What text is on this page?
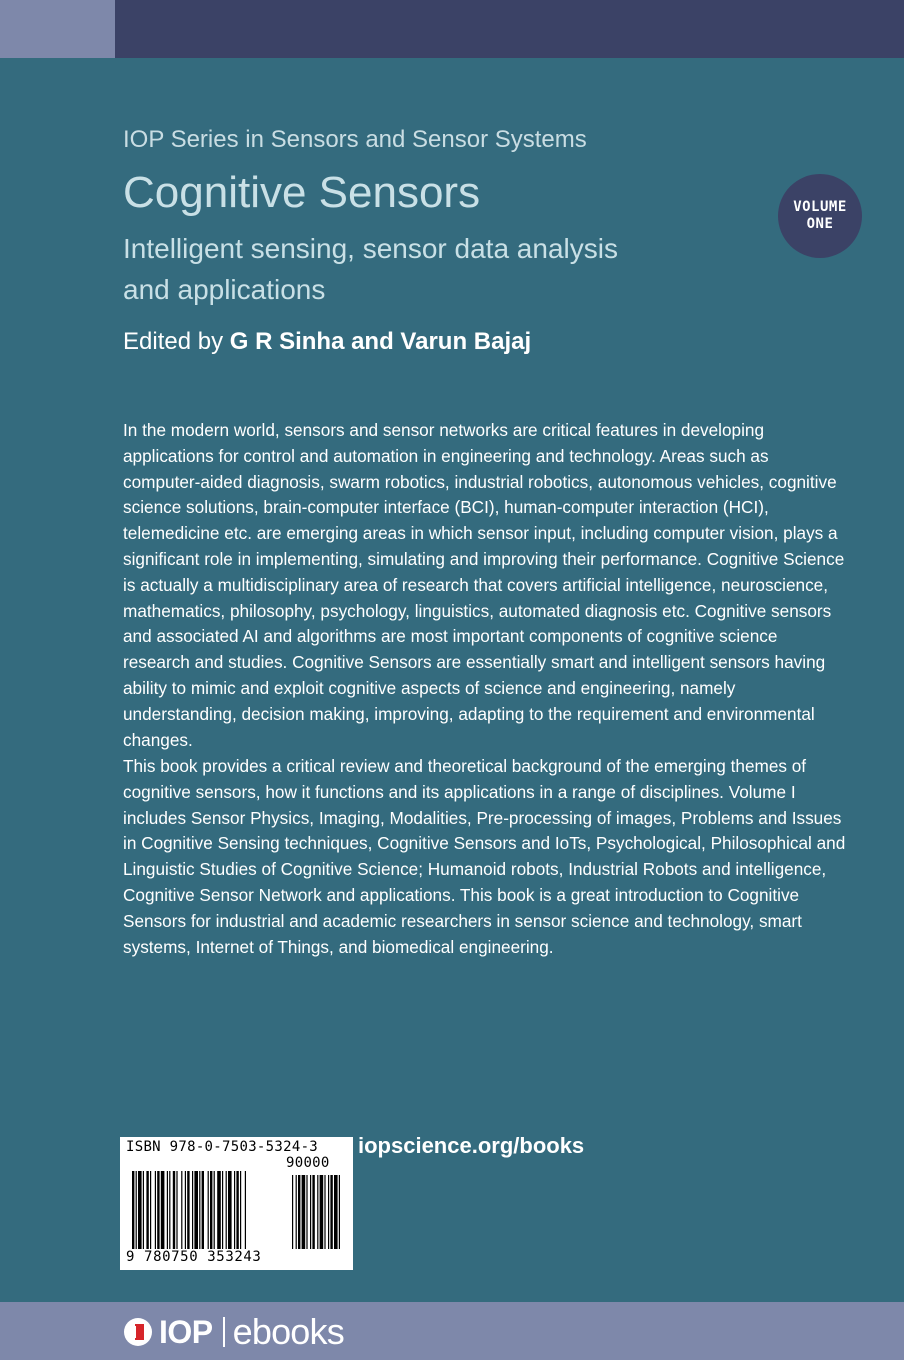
IOP Series in Sensors and Sensor Systems
Cognitive Sensors
Intelligent sensing, sensor data analysis and applications
Edited by G R Sinha and Varun Bajaj
VOLUME
ONE

In the modern world, sensors and sensor networks are critical features in developing applications for control and automation in engineering and technology. Areas such as computer-aided diagnosis, swarm robotics, industrial robotics, autonomous vehicles, cognitive science solutions, brain-computer interface (BCI), human-computer interaction (HCI), telemedicine etc. are emerging areas in which sensor input, including computer vision, plays a significant role in implementing, simulating and improving their performance. Cognitive Science is actually a multidisciplinary area of research that covers artificial intelligence, neuroscience, mathematics, philosophy, psychology, linguistics, automated diagnosis etc. Cognitive sensors and associated AI and algorithms are most important components of cognitive science research and studies. Cognitive Sensors are essentially smart and intelligent sensors having ability to mimic and exploit cognitive aspects of science and engineering, namely understanding, decision making, improving, adapting to the requirement and environmental changes.

This book provides a critical review and theoretical background of the emerging themes of cognitive sensors, how it functions and its applications in a range of disciplines. Volume I includes Sensor Physics, Imaging, Modalities, Pre-processing of images, Problems and Issues in Cognitive Sensing techniques, Cognitive Sensors and IoTs, Psychological, Philosophical and Linguistic Studies of Cognitive Science; Humanoid robots, Industrial Robots and intelligence, Cognitive Sensor Network and applications. This book is a great introduction to Cognitive Sensors for industrial and academic researchers in sensor science and technology, smart systems, Internet of Things, and biomedical engineering.

ISBN 978-0-7503-5324-3
90000
9 780750 353243
iopscience.org/books
IOP ebooks
